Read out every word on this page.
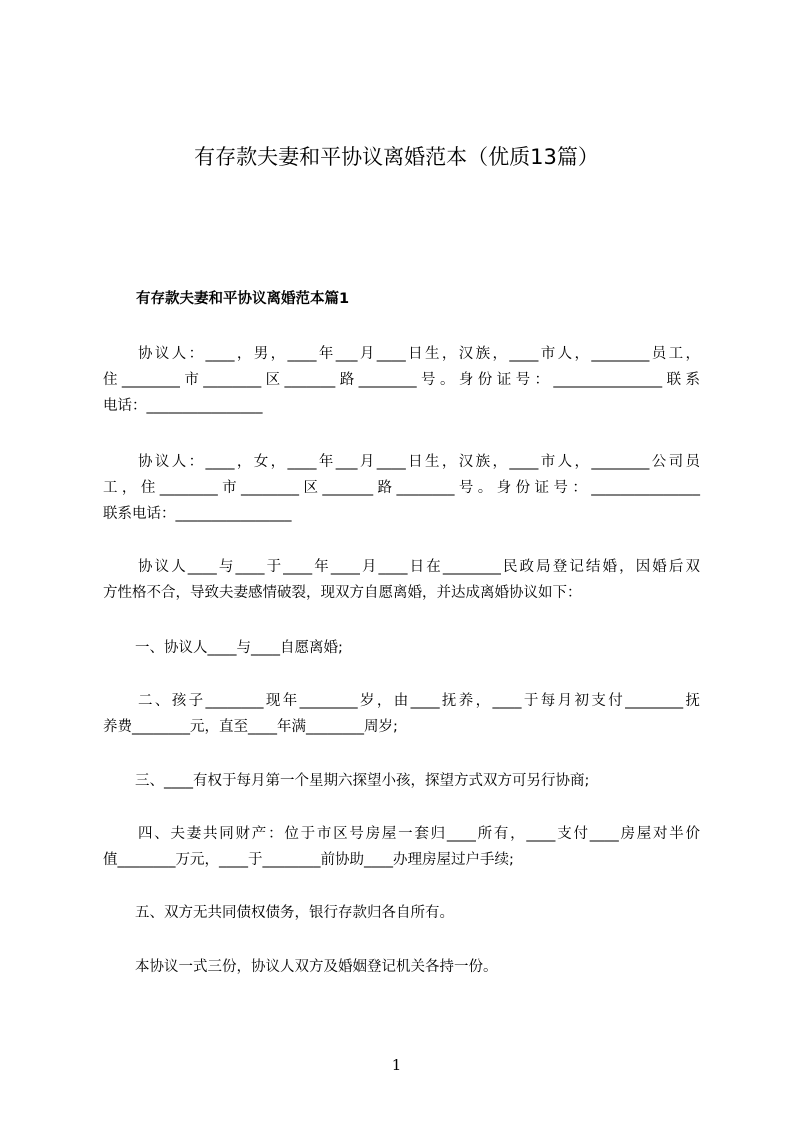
有存款夫妻和平协议离婚范本（优质13篇）
有存款夫妻和平协议离婚范本篇1
协议人：____，男，____年___月____日生，汉族，____市人，________员工，
住________市________区_______路________号。身份证号：_______________联系
电话：________________
协议人：____，女，____年___月____日生，汉族，____市人，________公司员
工，住________市________区_______路________号。身份证号：_______________
联系电话：________________
协议人____与____于____年____月____日在________民政局登记结婚，因婚后双
方性格不合，导致夫妻感情破裂，现双方自愿离婚，并达成离婚协议如下：
一、协议人____与____自愿离婚;
二、孩子________现年________岁，由____抚养，____于每月初支付________抚
养费________元，直至____年满________周岁;
三、____有权于每月第一个星期六探望小孩，探望方式双方可另行协商;
四、夫妻共同财产：位于市区号房屋一套归____所有，____支付____房屋对半价
值________万元，____于________前协助____办理房屋过户手续;
五、双方无共同债权债务，银行存款归各自所有。
本协议一式三份，协议人双方及婚姻登记机关各持一份。
1
